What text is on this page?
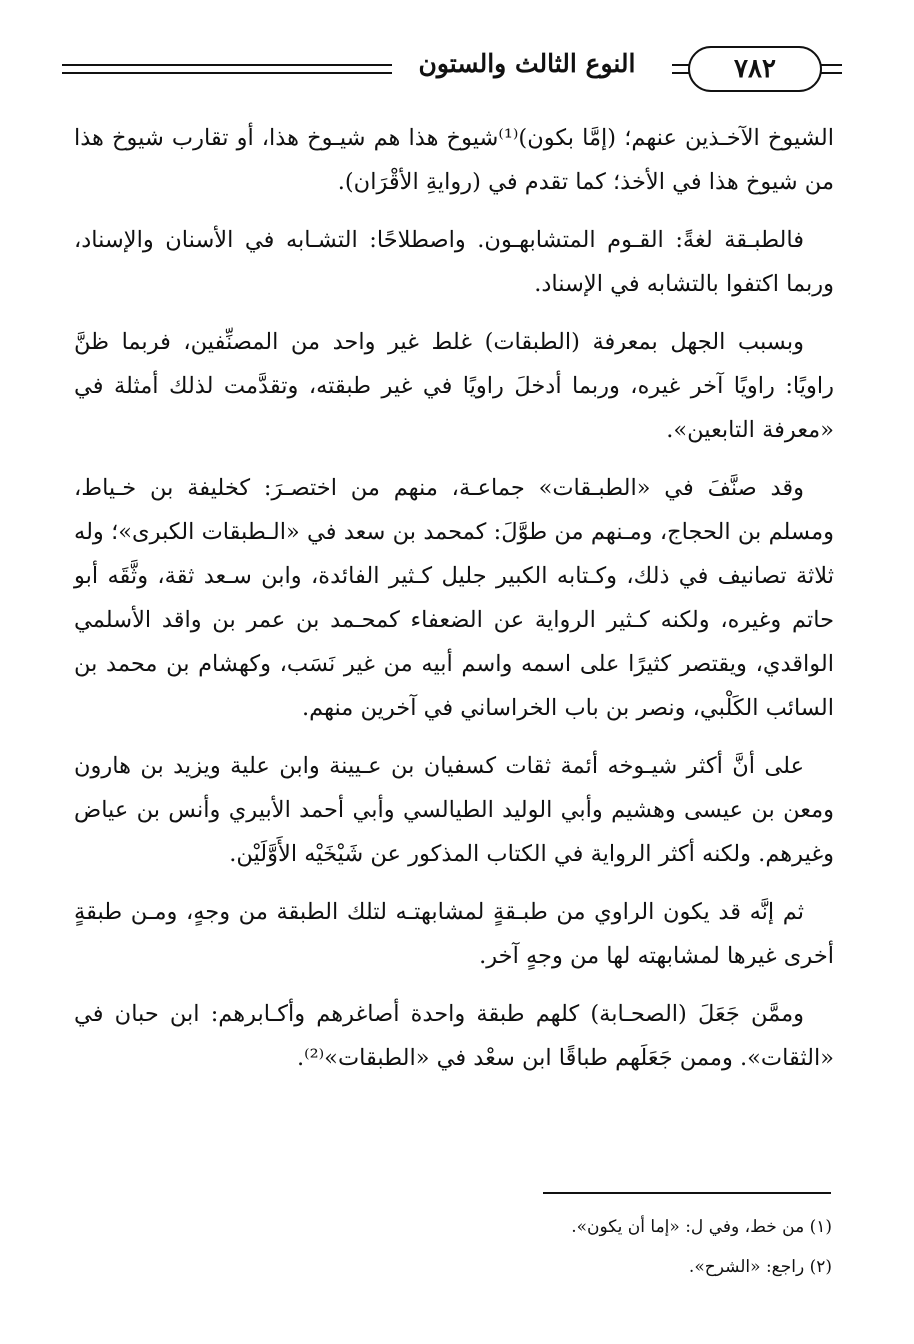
النوع الثالث والستون	٧٨٢

الشيوخ الآخـذين عنهم؛ (إمَّا بكون)⁽¹⁾شيوخ هذا هم شيـوخ هذا، أو تقارب شيوخ هذا من شيوخ هذا في الأخذ؛ كما تقدم في (روايةِ الأقْرَان).

فالطبـقة لغةً: القـوم المتشابهـون. واصطلاحًا: التشـابه في الأسنان والإسناد، وربما اكتفوا بالتشابه في الإسناد.

وبسبب الجهل بمعرفة (الطبقات) غلط غير واحد من المصنِّفين، فربما ظنَّ راويًا: راويًا آخر غيره، وربما أدخلَ راويًا في غير طبقته، وتقدَّمت لذلك أمثلة في «معرفة التابعين».

وقد صنَّفَ في «الطبـقات» جماعـة، منهم من اختصـرَ: كخليفة بن خـياط، ومسلم بن الحجاج، ومـنهم من طوَّلَ: كمحمد بن سعد في «الـطبقات الكبرى»؛ وله ثلاثة تصانيف في ذلك، وكـتابه الكبير جليل كـثير الفائدة، وابن سـعد ثقة، وثَّقَه أبو حاتم وغيره، ولكنه كـثير الرواية عن الضعفاء كمحـمد بن عمر بن واقد الأسلمي الواقدي، ويقتصر كثيرًا على اسمه واسم أبيه من غير نَسَب، وكهشام بن محمد بن السائب الكَلْبي، ونصر بن باب الخراساني في آخرين منهم.

على أنَّ أكثر شيـوخه أئمة ثقات كسفيان بن عـيينة وابن علية ويزيد بن هارون ومعن بن عيسى وهشيم وأبي الوليد الطيالسي وأبي أحمد الأبيري وأنس بن عياض وغيرهم. ولكنه أكثر الرواية في الكتاب المذكور عن شَيْخَيْه الأَوَّلَيْن.

ثم إنَّه قد يكون الراوي من طبـقةٍ لمشابهتـه لتلك الطبقة من وجهٍ، ومـن طبقةٍ أخرى غيرها لمشابهته لها من وجهٍ آخر.

وممَّن جَعَلَ (الصحـابة) كلهم طبقة واحدة أصاغرهم وأكـابرهم: ابن حبان في «الثقات». وممن جَعَلَهم طباقًا ابن سعْد في «الطبقات»⁽²⁾.

(١) من خط، وفي ل: «إما أن يكون».
(٢) راجع: «الشرح».
